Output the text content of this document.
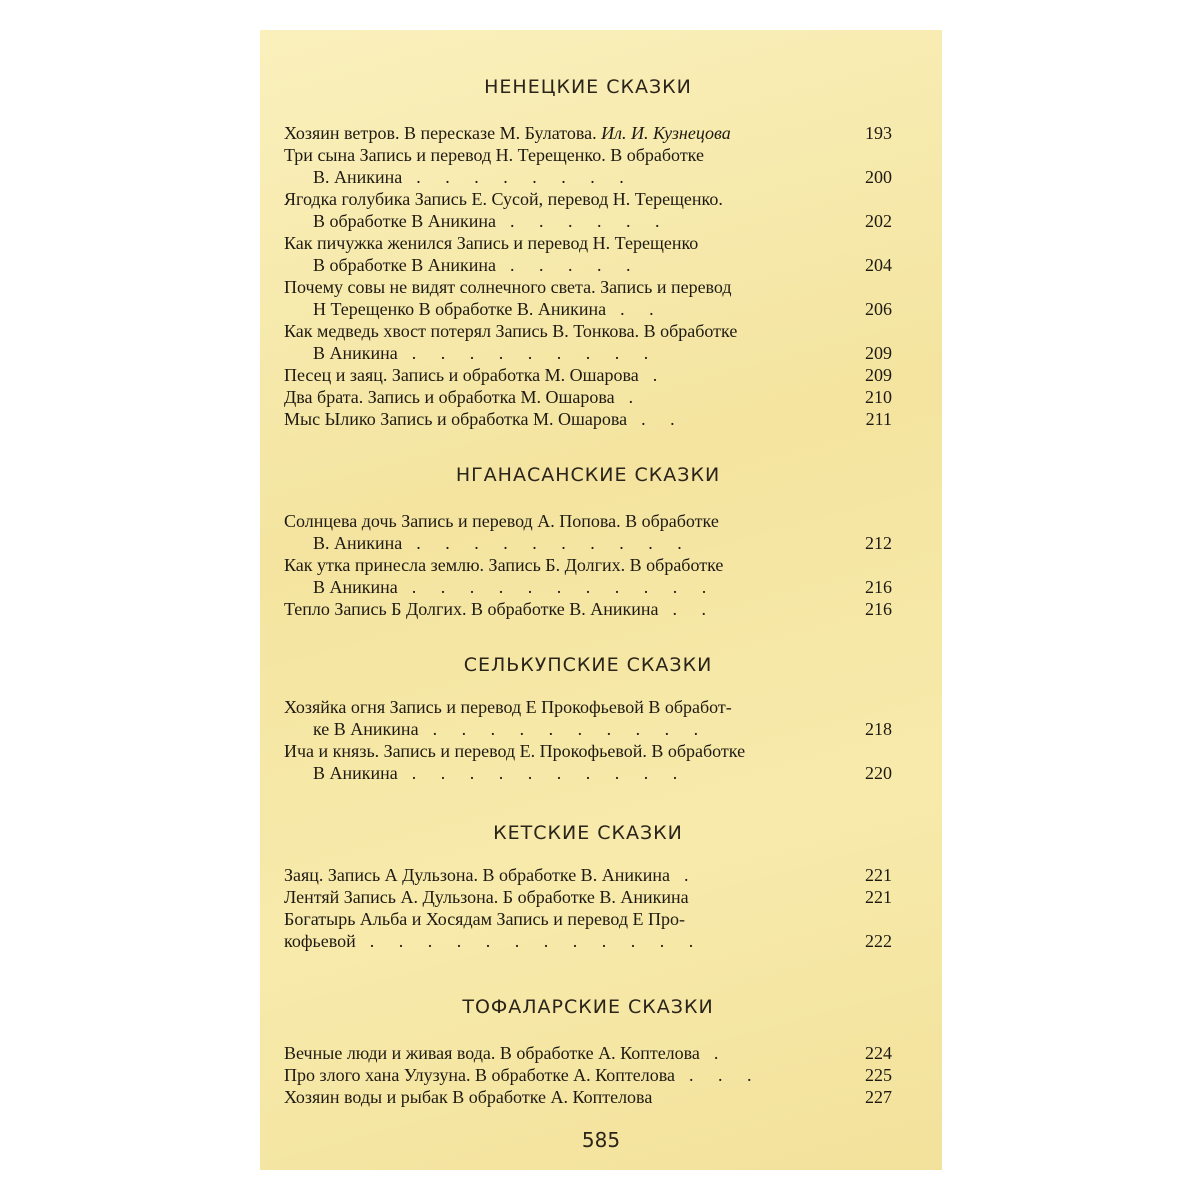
НЕНЕЦКИЕ СКАЗКИ
Хозяин ветров. В пересказе М. Булатова. Ил. И. Кузнецова	193
Три сына Запись и перевод Н. Терещенко. В обработке
В. Аникина . . . . . . . .	200
Ягодка голубика Запись Е. Сусой, перевод Н. Терещенко.
В обработке В Аникина . . . . . .	202
Как пичужка женился Запись и перевод Н. Терещенко
В обработке В Аникина . . . . .	204
Почему совы не видят солнечного света. Запись и перевод
Н Терещенко В обработке В. Аникина . .	206
Как медведь хвост потерял Запись В. Тонкова. В обработке
В Аникина . . . . . . . . .	209
Песец и заяц. Запись и обработка М. Ошарова .	209
Два брата. Запись и обработка М. Ошарова .	210
Мыс Ылико Запись и обработка М. Ошарова . .	211
НГАНАСАНСКИЕ СКАЗКИ
Солнцева дочь Запись и перевод А. Попова. В обработке
В. Аникина . . . . . . . . . .	212
Как утка принесла землю. Запись Б. Долгих. В обработке
В Аникина . . . . . . . . . . .	216
Тепло Запись Б Долгих. В обработке В. Аникина . .	216
СЕЛЬКУПСКИЕ СКАЗКИ
Хозяйка огня Запись и перевод Е Прокофьевой В обработ-
ке В Аникина . . . . . . . . . .	218
Ича и князь. Запись и перевод Е. Прокофьевой. В обработке
В Аникина . . . . . . . . . .	220
КЕТСКИЕ СКАЗКИ
Заяц. Запись А Дульзона. В обработке В. Аникина .	221
Лентяй Запись А. Дульзона. Б обработке В. Аникина	221
Богатырь Альба и Хосядам Запись и перевод Е Про-
кофьевой . . . . . . . . . . . .	222
ТОФАЛАРСКИЕ СКАЗКИ
Вечные люди и живая вода. В обработке А. Коптелова .	224
Про злого хана Улузуна. В обработке А. Коптелова . . .	225
Хозяин воды и рыбак В обработке А. Коптелова	227
585
